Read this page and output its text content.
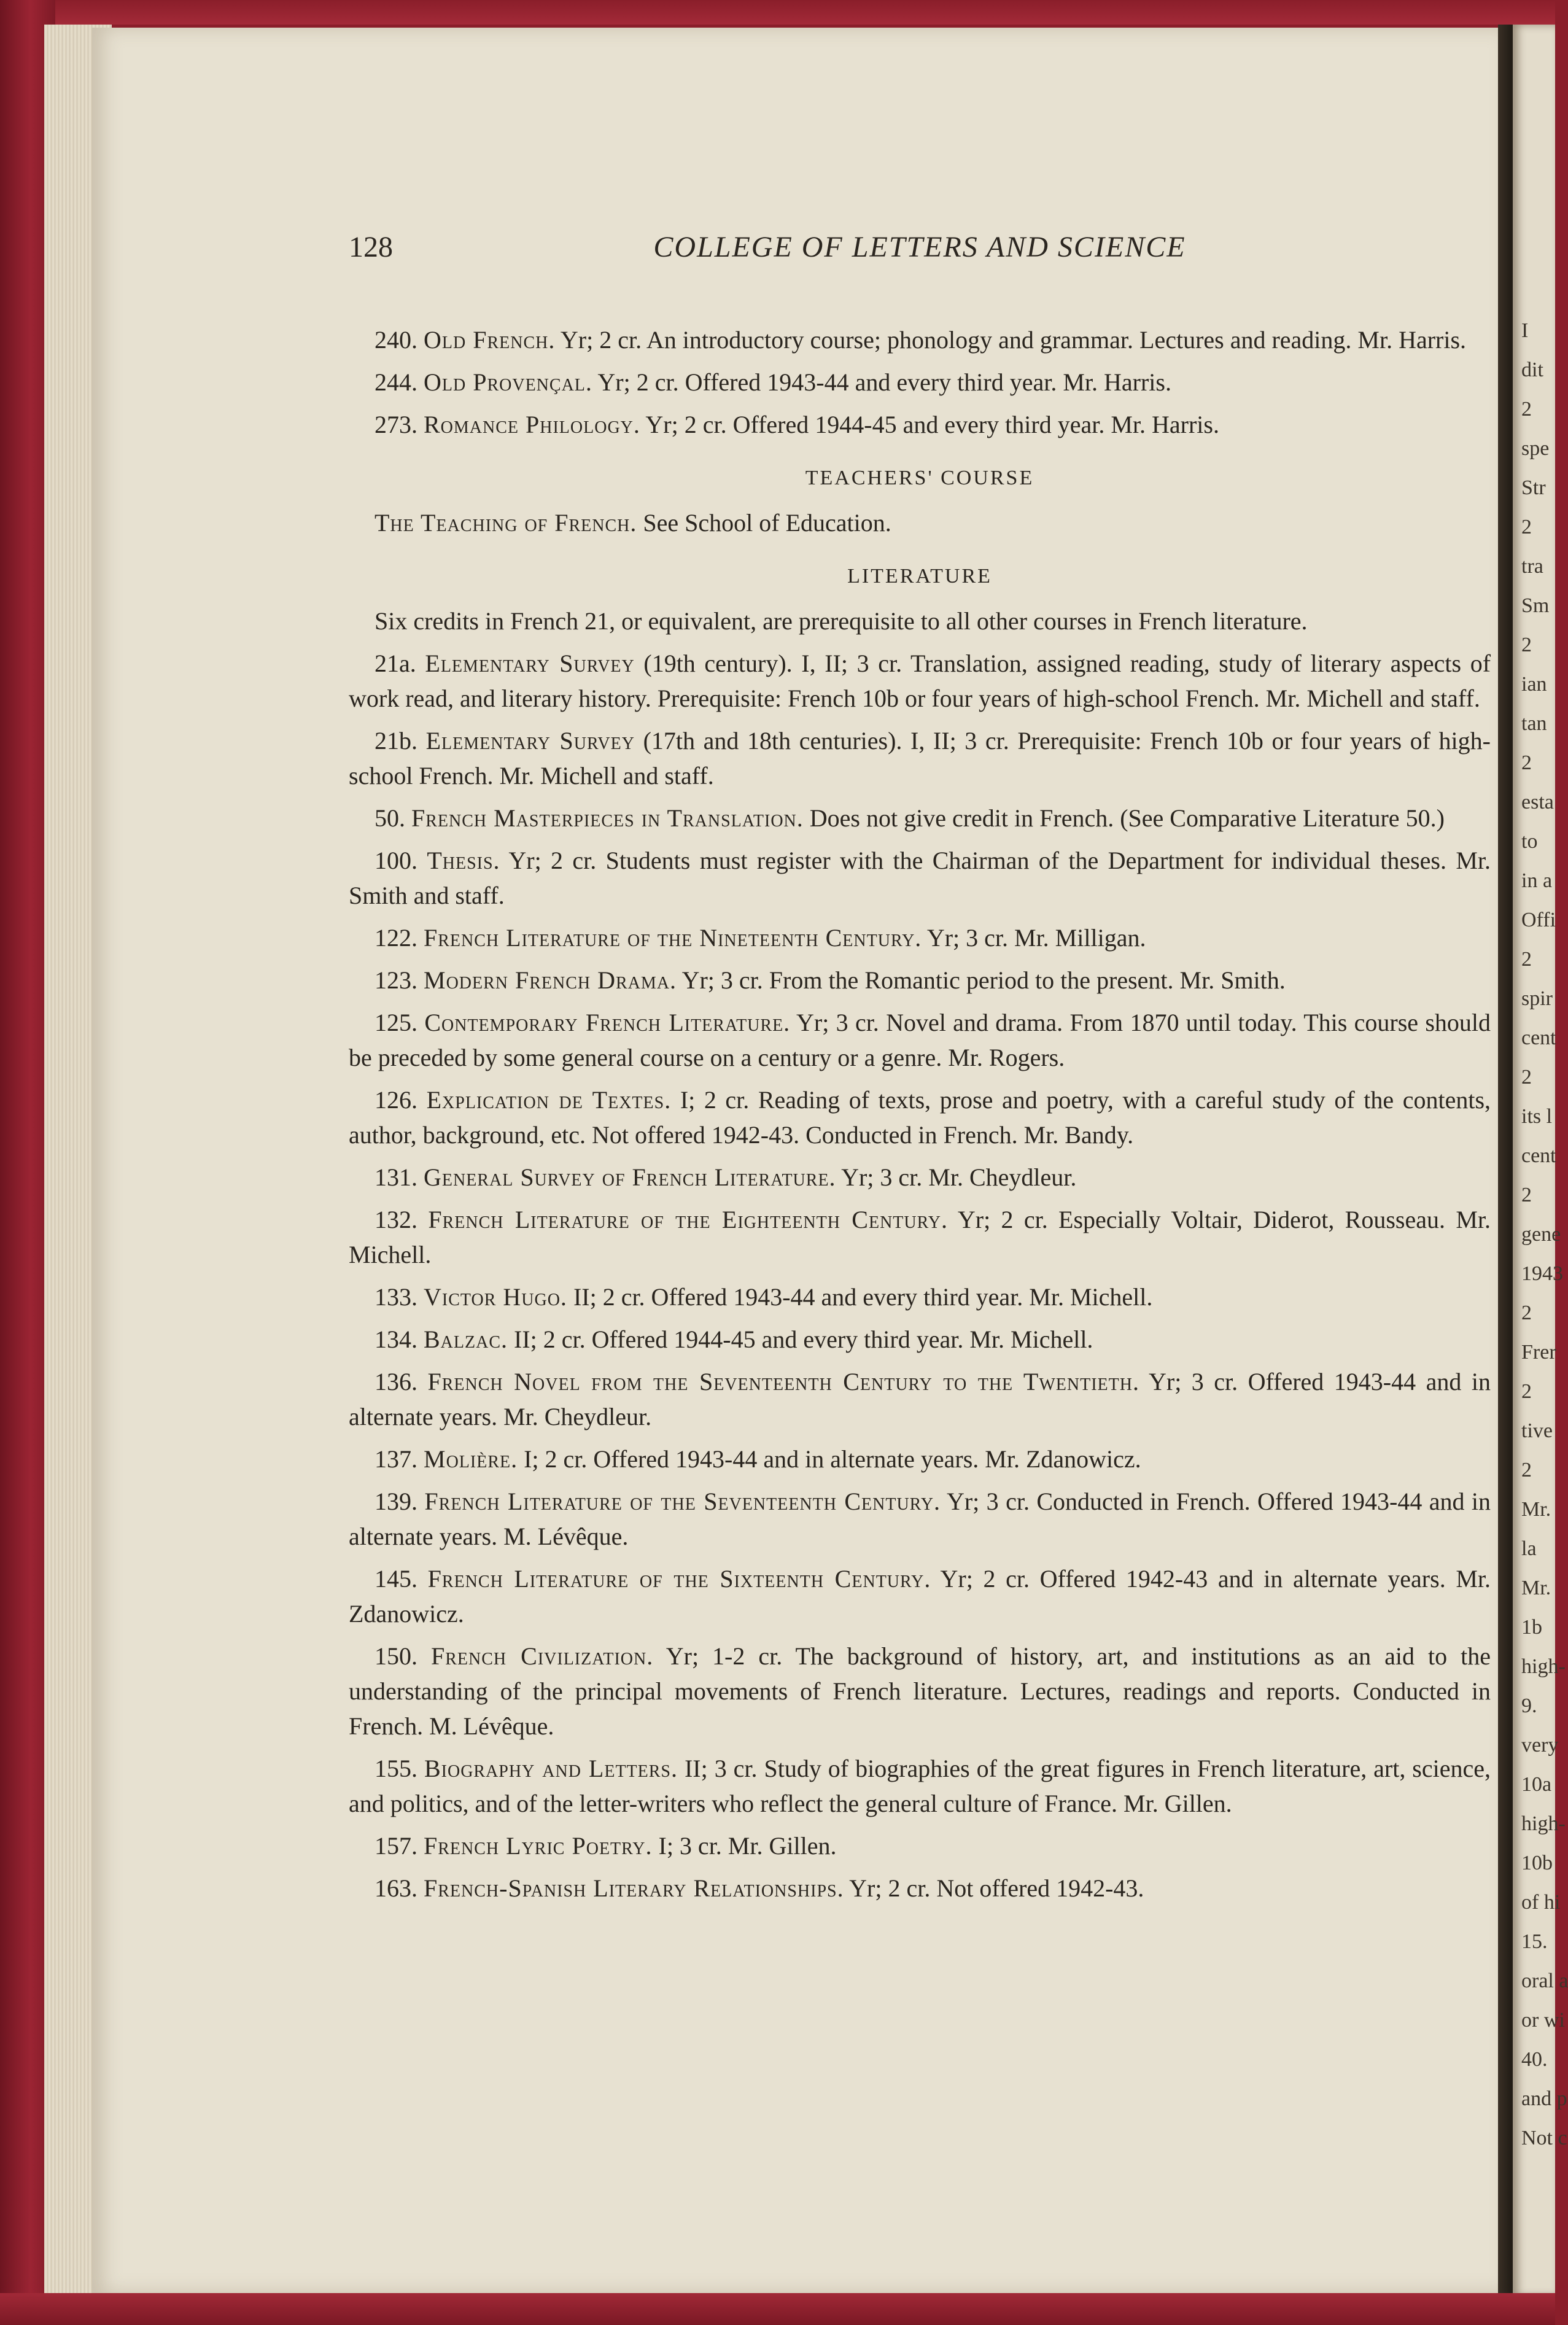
128	COLLEGE OF LETTERS AND SCIENCE

240. Old French. Yr; 2 cr. An introductory course; phonology and grammar. Lectures and reading. Mr. Harris.

244. Old Provençal. Yr; 2 cr. Offered 1943-44 and every third year. Mr. Harris.

273. Romance Philology. Yr; 2 cr. Offered 1944-45 and every third year. Mr. Harris.

TEACHERS' COURSE

The Teaching of French. See School of Education.

LITERATURE

Six credits in French 21, or equivalent, are prerequisite to all other courses in French literature.

21a. Elementary Survey (19th century). I, II; 3 cr. Translation, assigned reading, study of literary aspects of work read, and literary history. Prerequisite: French 10b or four years of high-school French. Mr. Michell and staff.

21b. Elementary Survey (17th and 18th centuries). I, II; 3 cr. Prerequisite: French 10b or four years of high-school French. Mr. Michell and staff.

50. French Masterpieces in Translation. Does not give credit in French. (See Comparative Literature 50.)

100. Thesis. Yr; 2 cr. Students must register with the Chairman of the Department for individual theses. Mr. Smith and staff.

122. French Literature of the Nineteenth Century. Yr; 3 cr. Mr. Milligan.

123. Modern French Drama. Yr; 3 cr. From the Romantic period to the present. Mr. Smith.

125. Contemporary French Literature. Yr; 3 cr. Novel and drama. From 1870 until today. This course should be preceded by some general course on a century or a genre. Mr. Rogers.

126. Explication de Textes. I; 2 cr. Reading of texts, prose and poetry, with a careful study of the contents, author, background, etc. Not offered 1942-43. Conducted in French. Mr. Bandy.

131. General Survey of French Literature. Yr; 3 cr. Mr. Cheydleur.

132. French Literature of the Eighteenth Century. Yr; 2 cr. Especially Voltair, Diderot, Rousseau. Mr. Michell.

133. Victor Hugo. II; 2 cr. Offered 1943-44 and every third year. Mr. Michell.

134. Balzac. II; 2 cr. Offered 1944-45 and every third year. Mr. Michell.

136. French Novel from the Seventeenth Century to the Twentieth. Yr; 3 cr. Offered 1943-44 and in alternate years. Mr. Cheydleur.

137. Molière. I; 2 cr. Offered 1943-44 and in alternate years. Mr. Zdanowicz.

139. French Literature of the Seventeenth Century. Yr; 3 cr. Conducted in French. Offered 1943-44 and in alternate years. M. Lévêque.

145. French Literature of the Sixteenth Century. Yr; 2 cr. Offered 1942-43 and in alternate years. Mr. Zdanowicz.

150. French Civilization. Yr; 1-2 cr. The background of history, art, and institutions as an aid to the understanding of the principal movements of French literature. Lectures, readings and reports. Conducted in French. M. Lévêque.

155. Biography and Letters. II; 3 cr. Study of biographies of the great figures in French literature, art, science, and politics, and of the letter-writers who reflect the general culture of France. Mr. Gillen.

157. French Lyric Poetry. I; 3 cr. Mr. Gillen.

163. French-Spanish Literary Relationships. Yr; 2 cr. Not offered 1942-43.

I
dit
2
spe
Str
2
tra
Sm
2
ian
tan
2
esta
to
in a
Offi
2
spir
cent
2
its l
cent
2
gene
1943
2
Frer
2
tive
2
Mr.
la
Mr.
1b
high-
9.
very
10a
high-
10b
of hi
15.
oral a
or wi
40.
and p
Not c
